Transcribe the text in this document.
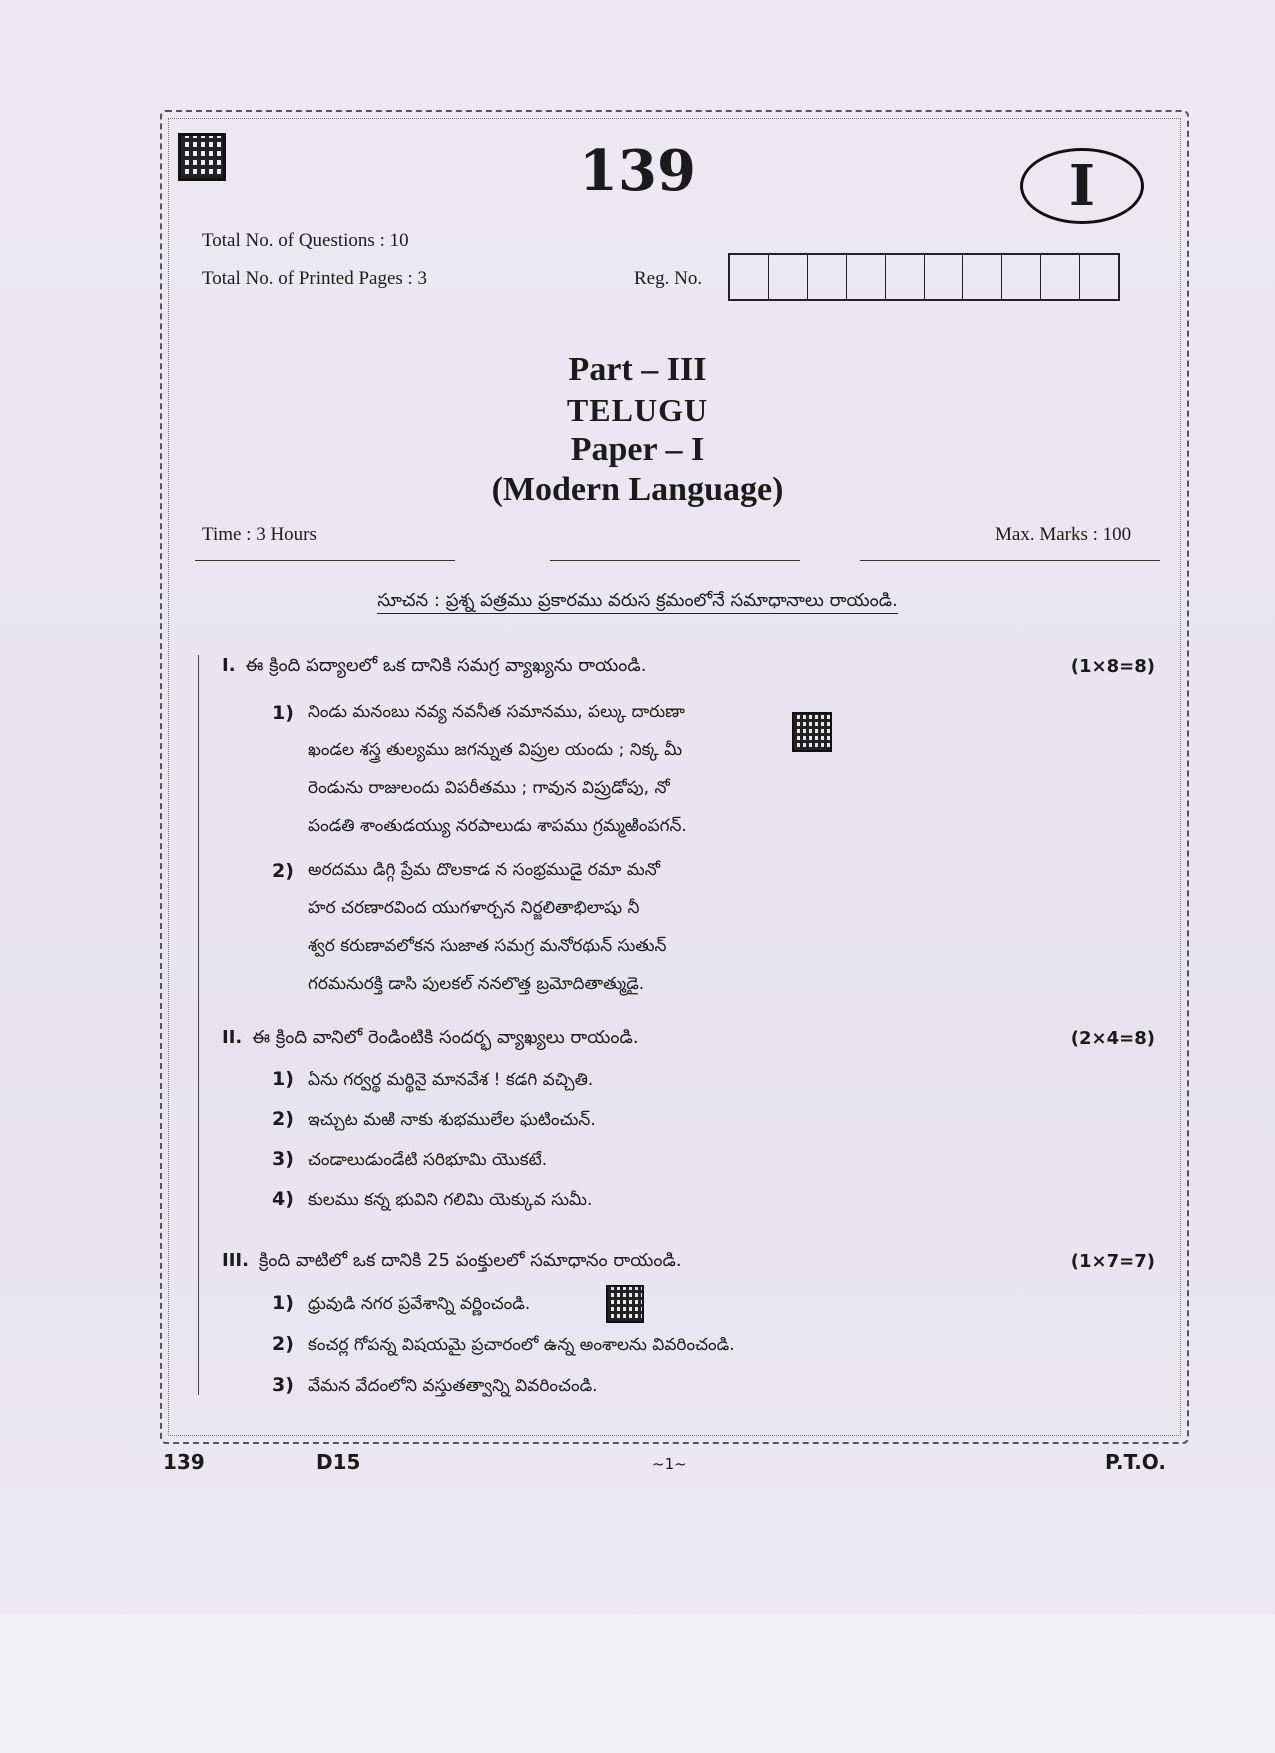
139	I
Total No. of Questions : 10
Total No. of Printed Pages : 3	Reg. No.
Part – III
TELUGU
Paper – I
(Modern Language)
Time : 3 Hours	Max. Marks : 100
సూచన : ప్రశ్న పత్రము ప్రకారము వరుస క్రమంలోనే సమాధానాలు రాయండి.
I. ఈ క్రింది పద్యాలలో ఒక దానికి సమగ్ర వ్యాఖ్యను రాయండి.	(1×8=8)
1) నిండు మనంబు నవ్య నవనీత సమానము, పల్కు దారుణా
ఖండల శస్త్ర తుల్యము జగన్నుత విప్రుల యందు ; నిక్క మీ
రెండును రాజులందు విపరీతము ; గావున విప్రుడోపు, నో
పండతి శాంతుడయ్యు నరపాలుడు శాపము గ్రమ్మఱింపగన్.
2) అరదము డిగ్గి ప్రేమ దొలకాడ న సంభ్రముడై రమా మనో
హర చరణారవింద యుగళార్చన నిర్జలితాభిలాషు నీ
శ్వర కరుణావలోకన సుజాత సమగ్ర మనోరథున్ సుతున్
గరమనురక్తి డాసి పులకల్ ననలొత్త బ్రమోదితాత్ముడై.
II. ఈ క్రింది వానిలో రెండింటికి సందర్భ వ్యాఖ్యలు రాయండి.	(2×4=8)
1) ఏను గర్వర్థ మర్థినై మానవేశ ! కడగి వచ్చితి.
2) ఇచ్చుట మఱి నాకు శుభములేల ఘటించున్.
3) చండాలుడుండేటి సరిభూమి యొకటే.
4) కులము కన్న భువిని గలిమి యెక్కువ సుమీ.
III. క్రింది వాటిలో ఒక దానికి 25 పంక్తులలో సమాధానం రాయండి.	(1×7=7)
1) ధ్రువుడి నగర ప్రవేశాన్ని వర్ణించండి.
2) కంచర్ల గోపన్న విషయమై ప్రచారంలో ఉన్న అంశాలను వివరించండి.
3) వేమన వేదంలోని వస్తుతత్వాన్ని వివరించండి.
139	D15	~1~	P.T.O.
